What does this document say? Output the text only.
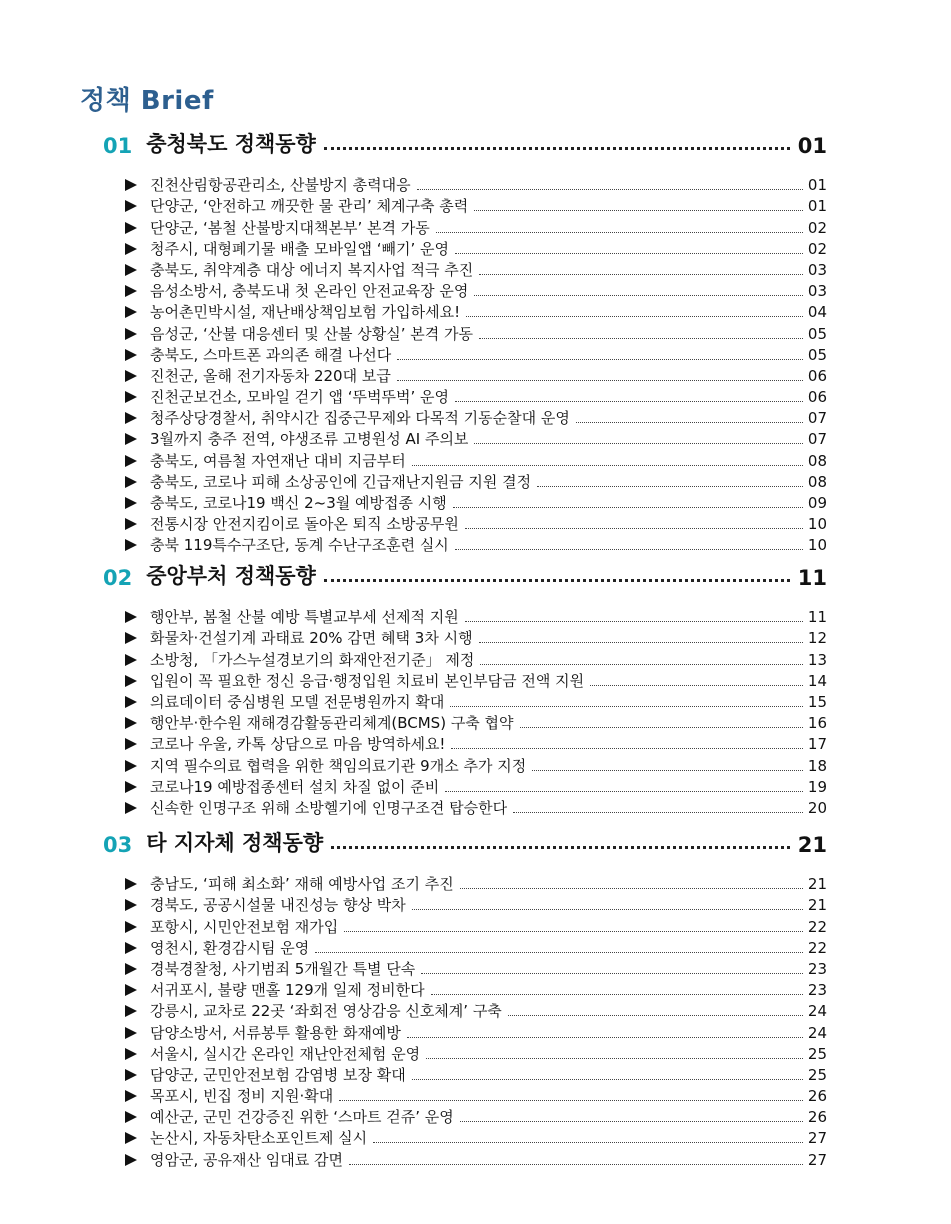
정책 Brief
01 충청북도 정책동향	01
진천산림항공관리소, 산불방지 총력대응	01
단양군, ‘안전하고 깨끗한 물 관리’ 체계구축 총력	01
단양군, ‘봄철 산불방지대책본부’ 본격 가동	02
청주시, 대형폐기물 배출 모바일앱 ‘빼기’ 운영	02
충북도, 취약계층 대상 에너지 복지사업 적극 추진	03
음성소방서, 충북도내 첫 온라인 안전교육장 운영	03
농어촌민박시설, 재난배상책임보험 가입하세요!	04
음성군, ‘산불 대응센터 및 산불 상황실’ 본격 가동	05
충북도, 스마트폰 과의존 해결 나선다	05
진천군, 올해 전기자동차 220대 보급	06
진천군보건소, 모바일 걷기 앱 ‘뚜벅뚜벅’ 운영	06
청주상당경찰서, 취약시간 집중근무제와 다목적 기동순찰대 운영	07
3월까지 충주 전역, 야생조류 고병원성 AI 주의보	07
충북도, 여름철 자연재난 대비 지금부터	08
충북도, 코로나 피해 소상공인에 긴급재난지원금 지원 결정	08
충북도, 코로나19 백신 2~3월 예방접종 시행	09
전통시장 안전지킴이로 돌아온 퇴직 소방공무원	10
충북 119특수구조단, 동계 수난구조훈련 실시	10
02 중앙부처 정책동향	11
행안부, 봄철 산불 예방 특별교부세 선제적 지원	11
화물차·건설기계 과태료 20% 감면 혜택 3차 시행	12
소방청, 「가스누설경보기의 화재안전기준」 제정	13
입원이 꼭 필요한 정신 응급·행정입원 치료비 본인부담금 전액 지원	14
의료데이터 중심병원 모델 전문병원까지 확대	15
행안부·한수원 재해경감활동관리체계(BCMS) 구축 협약	16
코로나 우울, 카톡 상담으로 마음 방역하세요!	17
지역 필수의료 협력을 위한 책임의료기관 9개소 추가 지정	18
코로나19 예방접종센터 설치 차질 없이 준비	19
신속한 인명구조 위해 소방헬기에 인명구조견 탑승한다	20
03 타 지자체 정책동향	21
충남도, ‘피해 최소화’ 재해 예방사업 조기 추진	21
경북도, 공공시설물 내진성능 향상 박차	21
포항시, 시민안전보험 재가입	22
영천시, 환경감시팀 운영	22
경북경찰청, 사기범죄 5개월간 특별 단속	23
서귀포시, 불량 맨홀 129개 일제 정비한다	23
강릉시, 교차로 22곳 ‘좌회전 영상감응 신호체계’ 구축	24
담양소방서, 서류봉투 활용한 화재예방	24
서울시, 실시간 온라인 재난안전체험 운영	25
담양군, 군민안전보험 감염병 보장 확대	25
목포시, 빈집 정비 지원·확대	26
예산군, 군민 건강증진 위한 ‘스마트 걷쥬’ 운영	26
논산시, 자동차탄소포인트제 실시	27
영암군, 공유재산 임대료 감면	27
